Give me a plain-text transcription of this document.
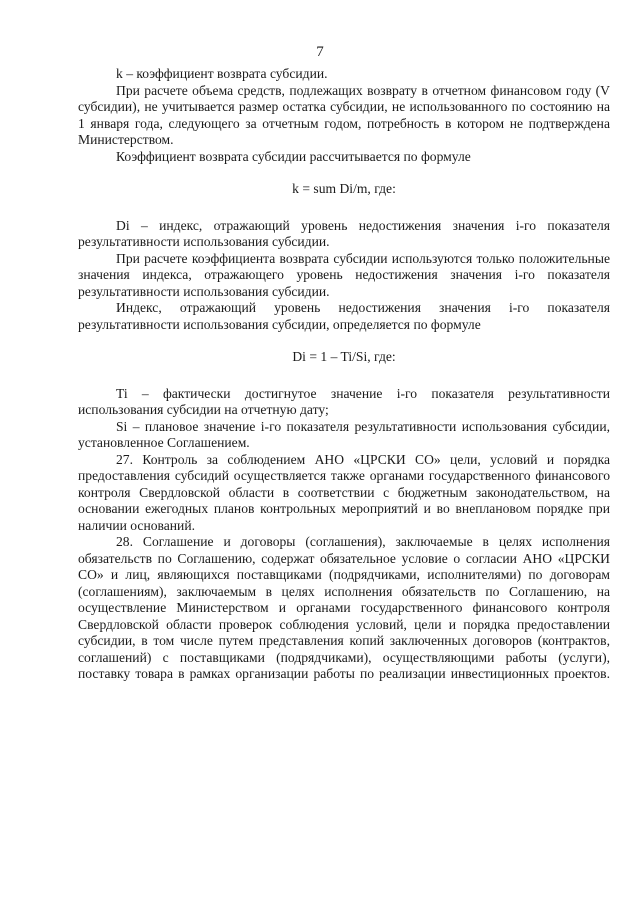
7

k – коэффициент возврата субсидии.

При расчете объема средств, подлежащих возврату в отчетном финансовом году (V субсидии), не учитывается размер остатка субсидии, не использованного по состоянию на 1 января года, следующего за отчетным годом, потребность в котором не подтверждена Министерством.

Коэффициент возврата субсидии рассчитывается по формуле

k = sum Di/m, где:

Di – индекс, отражающий уровень недостижения значения i-го показателя результативности использования субсидии.

При расчете коэффициента возврата субсидии используются только положительные значения индекса, отражающего уровень недостижения значения i-го показателя результативности использования субсидии.

Индекс, отражающий уровень недостижения значения i-го показателя результативности использования субсидии, определяется по формуле

Di = 1 – Ti/Si, где:

Ti – фактически достигнутое значение i-го показателя результативности использования субсидии на отчетную дату;

Si – плановое значение i-го показателя результативности использования субсидии, установленное Соглашением.

27. Контроль за соблюдением АНО «ЦРСКИ СО» цели, условий и порядка предоставления субсидий осуществляется также органами государственного финансового контроля Свердловской области в соответствии с бюджетным законодательством, на основании ежегодных планов контрольных мероприятий и во внеплановом порядке при наличии оснований.

28. Соглашение и договоры (соглашения), заключаемые в целях исполнения обязательств по Соглашению, содержат обязательное условие о согласии АНО «ЦРСКИ СО» и лиц, являющихся поставщиками (подрядчиками, исполнителями) по договорам (соглашениям), заключаемым в целях исполнения обязательств по Соглашению, на осуществление Министерством и органами государственного финансового контроля Свердловской области проверок соблюдения условий, цели и порядка предоставлении субсидии, в том числе путем представления копий заключенных договоров (контрактов, соглашений) с поставщиками (подрядчиками), осуществляющими работы (услуги), поставку товара в рамках организации работы по реализации инвестиционных проектов.
